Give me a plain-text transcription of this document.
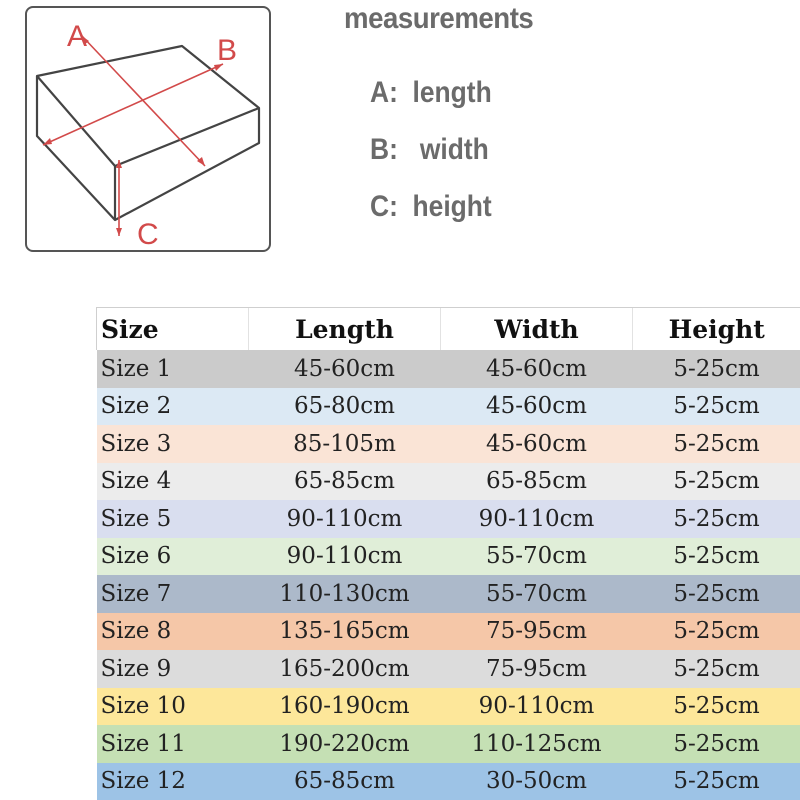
A	B
C
measurements
A: length
B: width
C: height
Size	Length	Width	Height
Size 1	45-60cm	45-60cm	5-25cm
Size 2	65-80cm	45-60cm	5-25cm
Size 3	85-105m	45-60cm	5-25cm
Size 4	65-85cm	65-85cm	5-25cm
Size 5	90-110cm	90-110cm	5-25cm
Size 6	90-110cm	55-70cm	5-25cm
Size 7	110-130cm	55-70cm	5-25cm
Size 8	135-165cm	75-95cm	5-25cm
Size 9	165-200cm	75-95cm	5-25cm
Size 10	160-190cm	90-110cm	5-25cm
Size 11	190-220cm	110-125cm	5-25cm
Size 12	65-85cm	30-50cm	5-25cm
